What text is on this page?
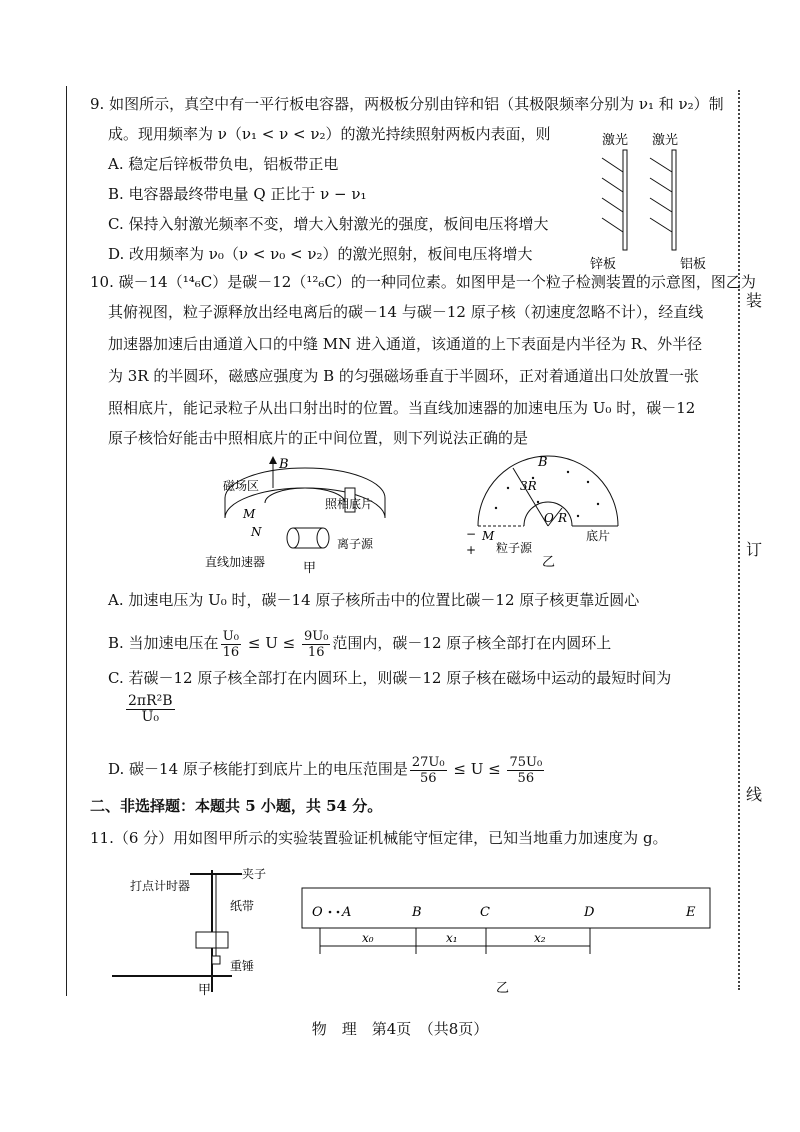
装
订
线
9. 如图所示，真空中有一平行板电容器，两极板分别由锌和铝（其极限频率分别为 ν₁ 和 ν₂）制
成。现用频率为 ν（ν₁ < ν < ν₂）的激光持续照射两板内表面，则
A. 稳定后锌板带负电，铝板带正电
B. 电容器最终带电量 Q 正比于 ν − ν₁
C. 保持入射激光频率不变，增大入射激光的强度，板间电压将增大
D. 改用频率为 ν₀（ν < ν₀ < ν₂）的激光照射，板间电压将增大
激光 激光
锌板	铝板
10. 碳－14（¹⁴₆C）是碳－12（¹²₆C）的一种同位素。如图甲是一个粒子检测装置的示意图，图乙为
其俯视图，粒子源释放出经电离后的碳－14 与碳－12 原子核（初速度忽略不计），经直线
加速器加速后由通道入口的中缝 MN 进入通道，该通道的上下表面是内半径为 R、外半径
为 3R 的半圆环，磁感应强度为 B 的匀强磁场垂直于半圆环，正对着通道出口处放置一张
照相底片，能记录粒子从出口射出时的位置。当直线加速器的加速电压为 U₀ 时，碳－12
原子核恰好能击中照相底片的正中间位置，则下列说法正确的是
B
磁场区
M
照相底片
N
离子源
直线加速器	甲
B
3R
O R
底片
M
+
−
粒子源
乙
A. 加速电压为 U₀ 时，碳－14 原子核所击中的位置比碳－12 原子核更靠近圆心
B. 当加速电压在 $\frac{\text{U₀}}{16} \le U \le \frac{\text{9U₀}}{16}$ 范围内，碳－12 原子核全部打在内圆环上
C. 若碳－12 原子核全部打在内圆环上，则碳－12 原子核在磁场中运动的最短时间为
$\frac{\text{2πR²B}}{\text{U₀}}$
D. 碳－14 原子核能打到底片上的电压范围是 $\frac{\text{27U₀}}{56} \le U \le \frac{\text{75U₀}}{56}$
二、非选择题：本题共 5 小题，共 54 分。
11.（6 分）用如图甲所示的实验装置验证机械能守恒定律，已知当地重力加速度为 g。
夹子
打点计时器
纸带
重锤
甲
O A	B	C	D	E
x₀	x₁	x₂
乙
物　理　第4页　（共8页）
